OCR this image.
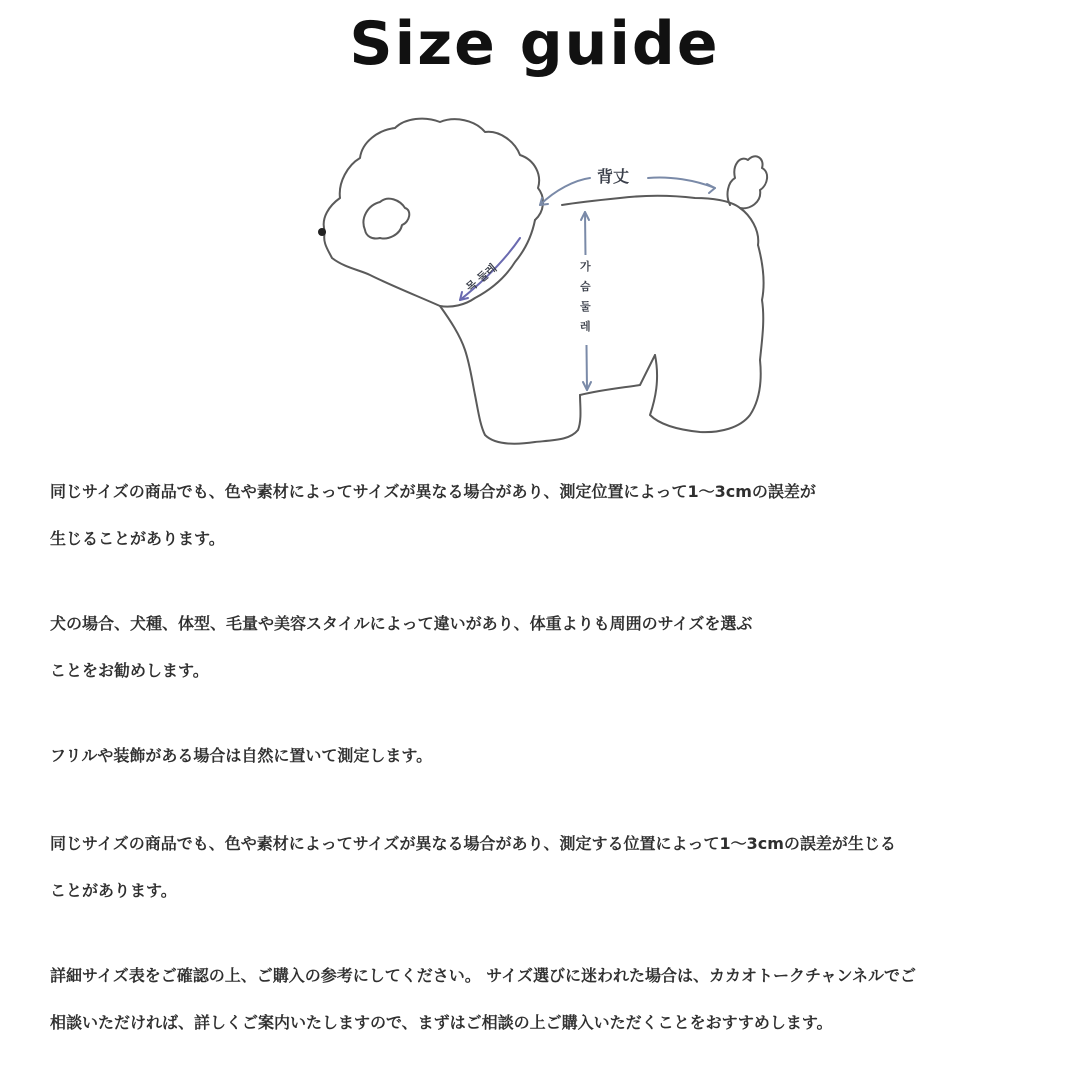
Size guide
背丈
목 둘레	가
슴
둘
레
同じサイズの商品でも、色や素材によってサイズが異なる場合があり、測定位置によって1〜3cmの誤差が
生じることがあります。
犬の場合、犬種、体型、毛量や美容スタイルによって違いがあり、体重よりも周囲のサイズを選ぶ
ことをお勧めします。
フリルや装飾がある場合は自然に置いて測定します。
同じサイズの商品でも、色や素材によってサイズが異なる場合があり、測定する位置によって1〜3cmの誤差が生じる
ことがあります。
詳細サイズ表をご確認の上、ご購入の参考にしてください。 サイズ選びに迷われた場合は、カカオトークチャンネルでご
相談いただければ、詳しくご案内いたしますので、まずはご相談の上ご購入いただくことをおすすめします。
